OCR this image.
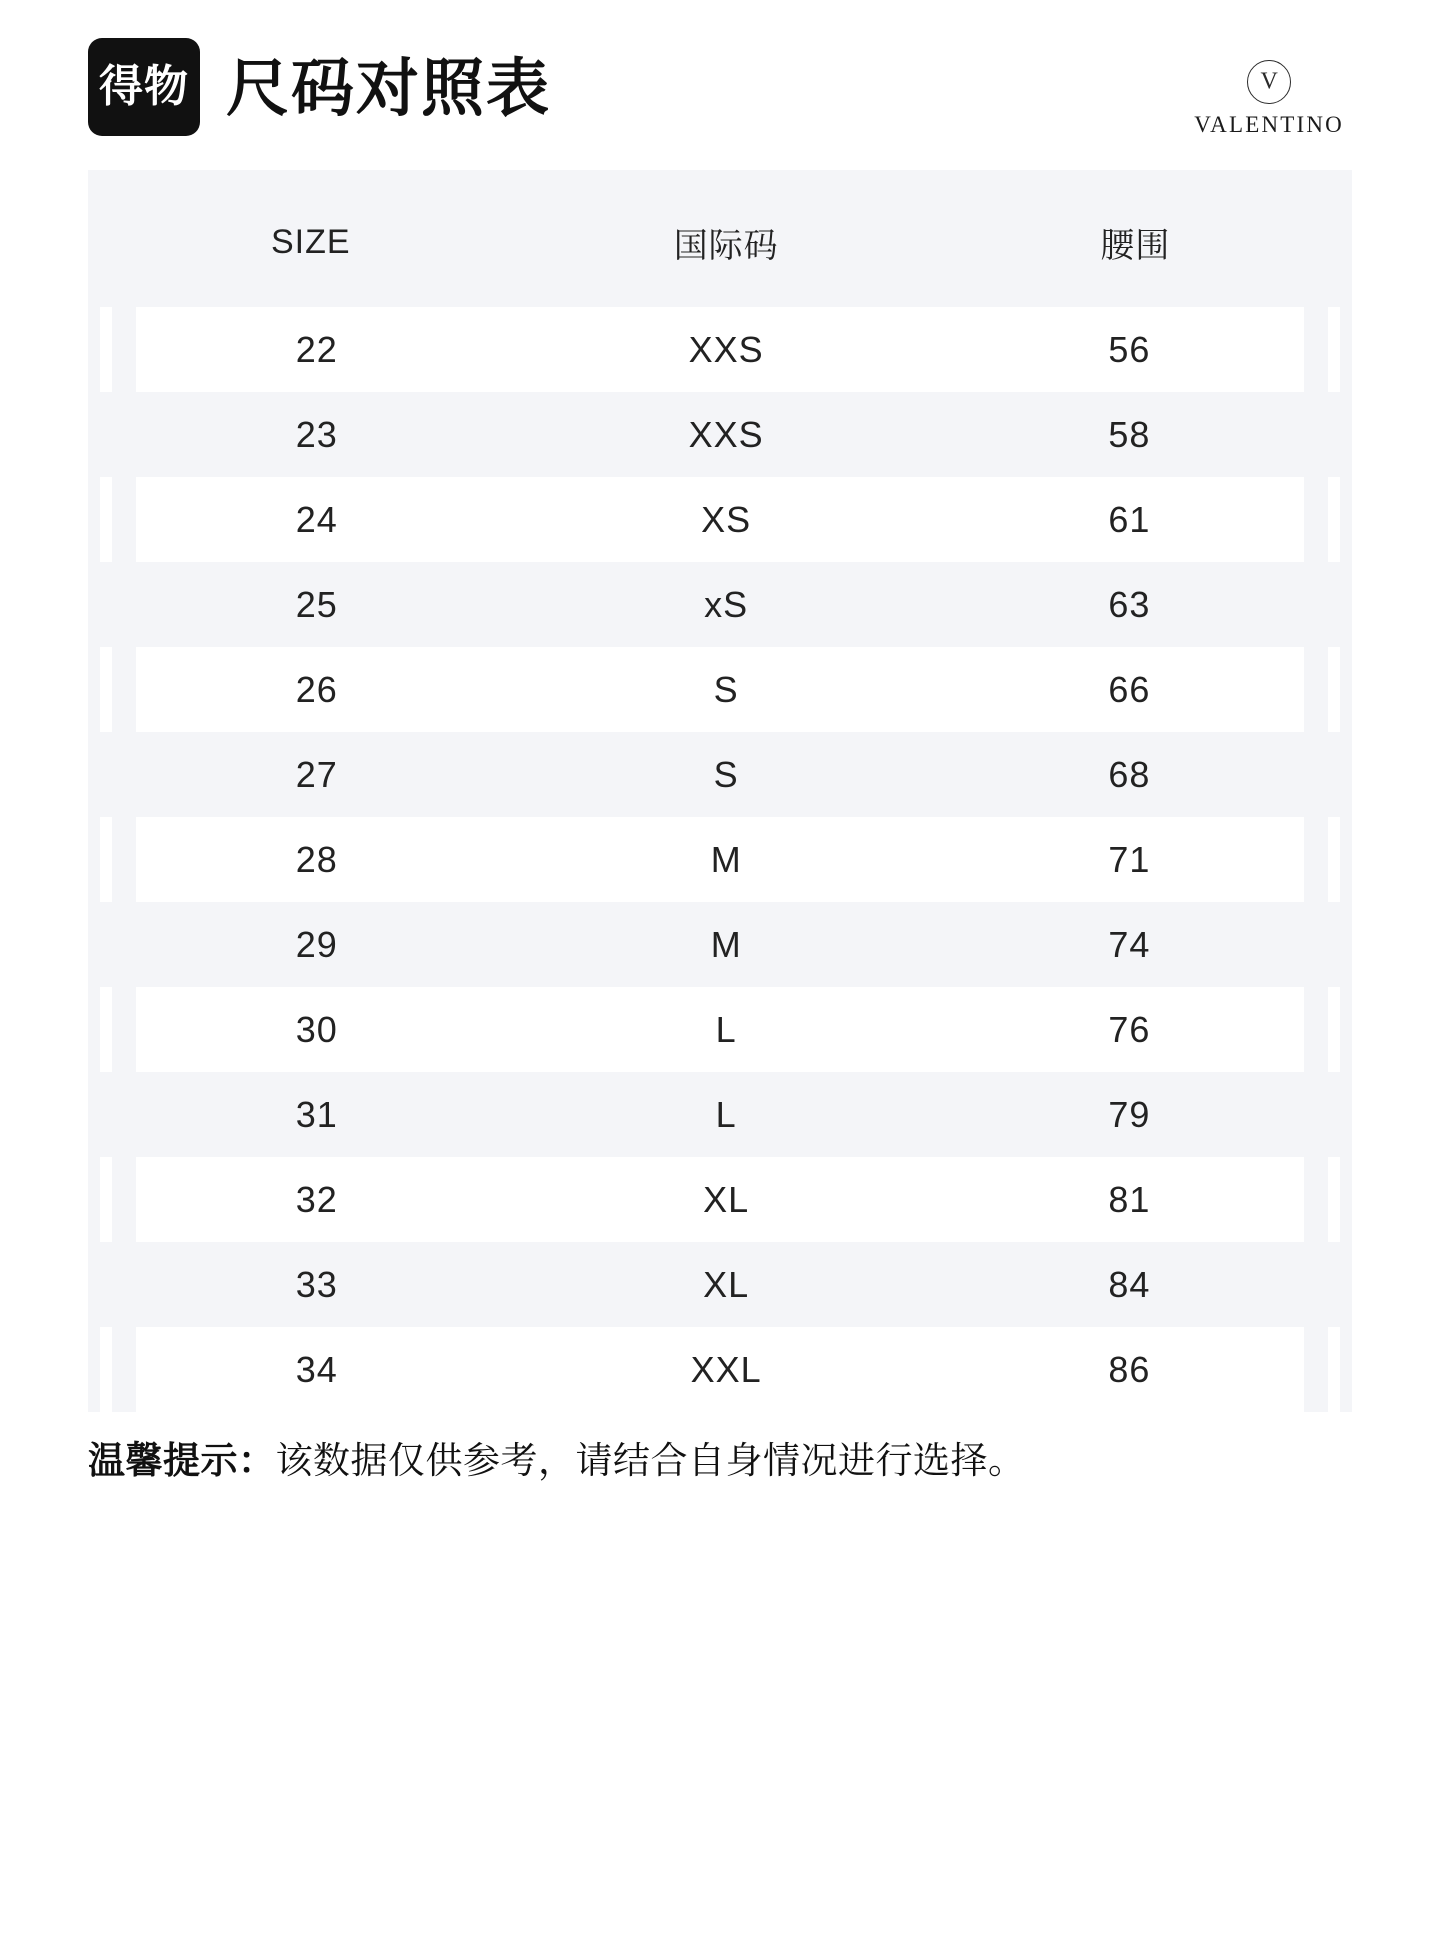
得物 尺码对照表
V
VALENTINO
SIZE	国际码	腰围
22	XXS	56
23	XXS	58
24	XS	61
25	xS	63
26	S	66
27	S	68
28	M	71
29	M	74
30	L	76
31	L	79
32	XL	81
33	XL	84
34	XXL	86
温馨提示：该数据仅供参考，请结合自身情况进行选择。
